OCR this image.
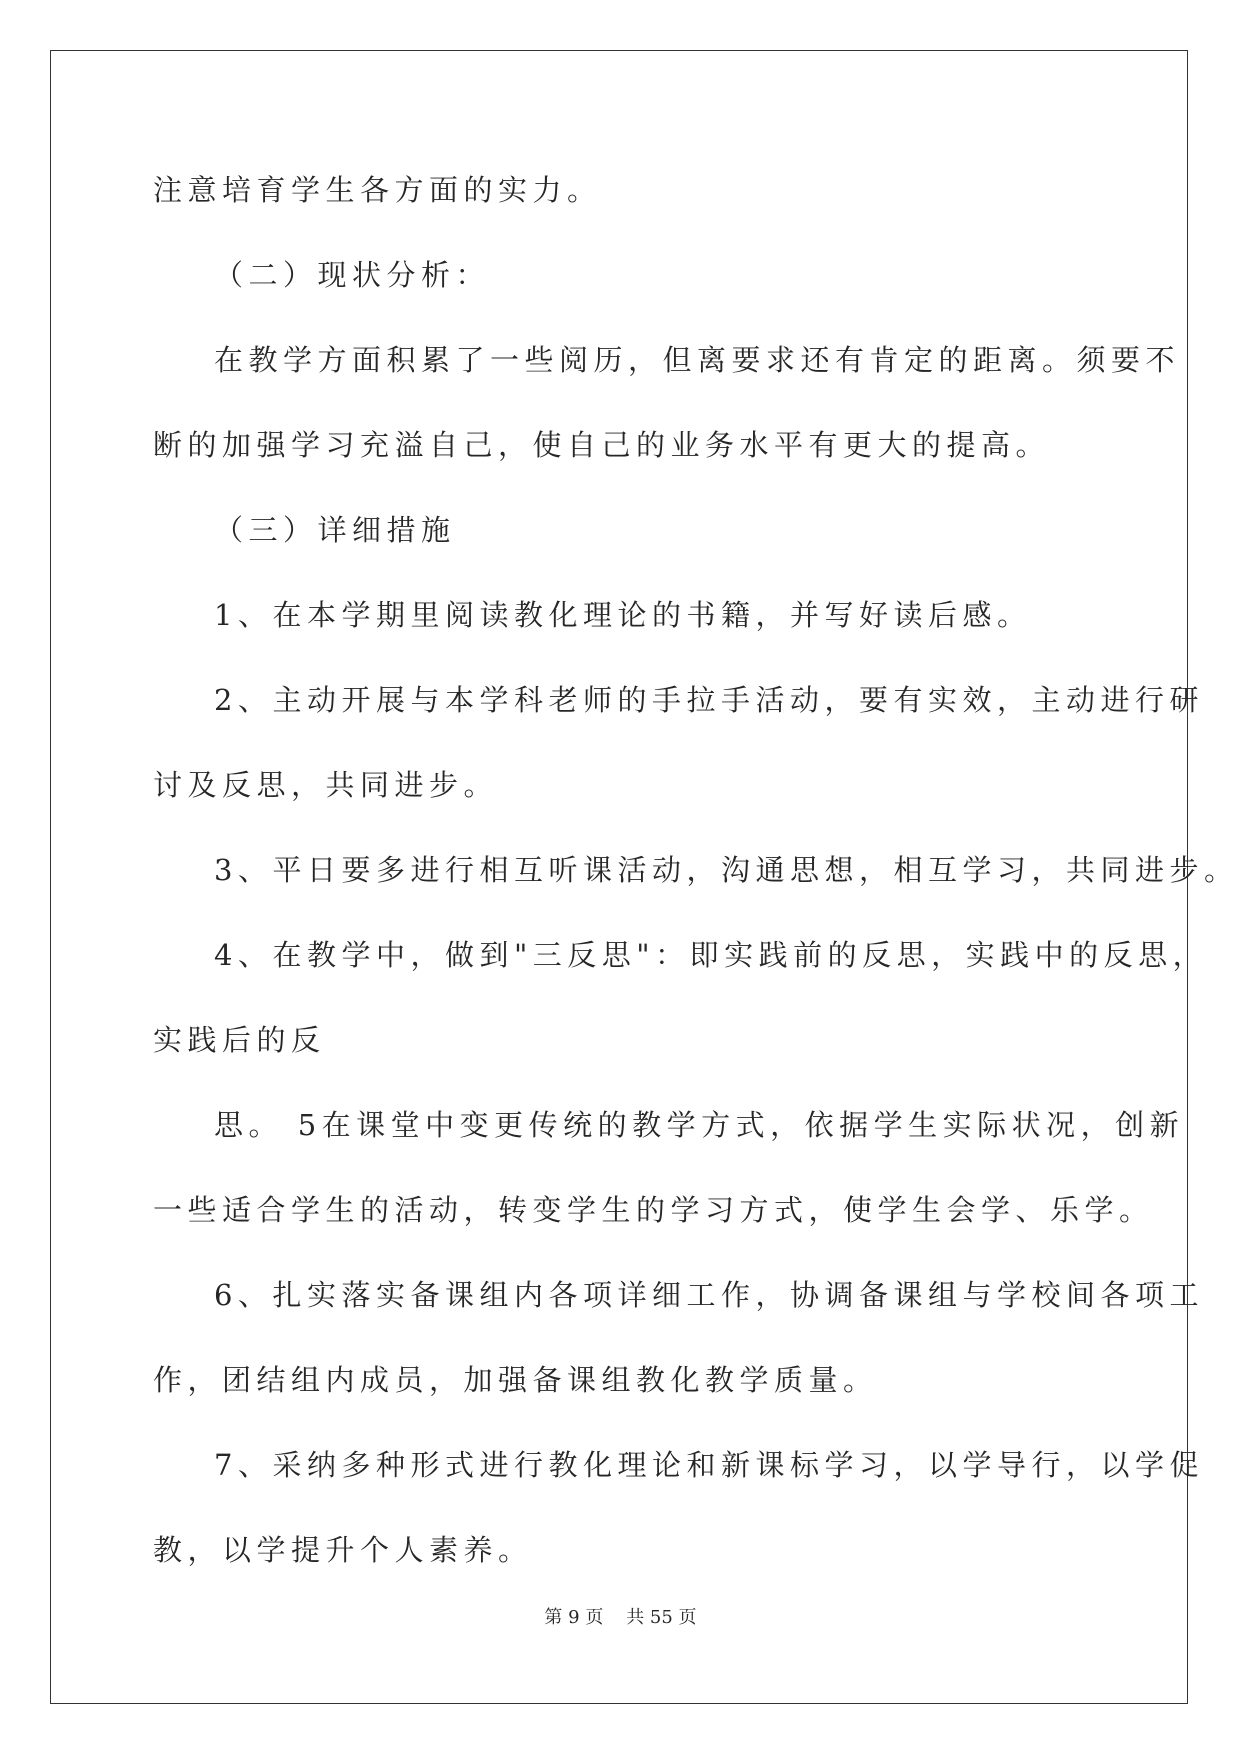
注意培育学生各方面的实力。

（二）现状分析：

在教学方面积累了一些阅历，但离要求还有肯定的距离。须要不

断的加强学习充溢自己，使自己的业务水平有更大的提高。

（三）详细措施

1、在本学期里阅读教化理论的书籍，并写好读后感。

2、主动开展与本学科老师的手拉手活动，要有实效，主动进行研

讨及反思，共同进步。

3、平日要多进行相互听课活动，沟通思想，相互学习，共同进步。

4、在教学中，做到"三反思"：即实践前的反思，实践中的反思，

实践后的反

思。 5在课堂中变更传统的教学方式，依据学生实际状况，创新

一些适合学生的活动，转变学生的学习方式，使学生会学、乐学。

6、扎实落实备课组内各项详细工作，协调备课组与学校间各项工

作，团结组内成员，加强备课组教化教学质量。

7、采纳多种形式进行教化理论和新课标学习，以学导行，以学促

教，以学提升个人素养。

第 9 页    共 55 页
